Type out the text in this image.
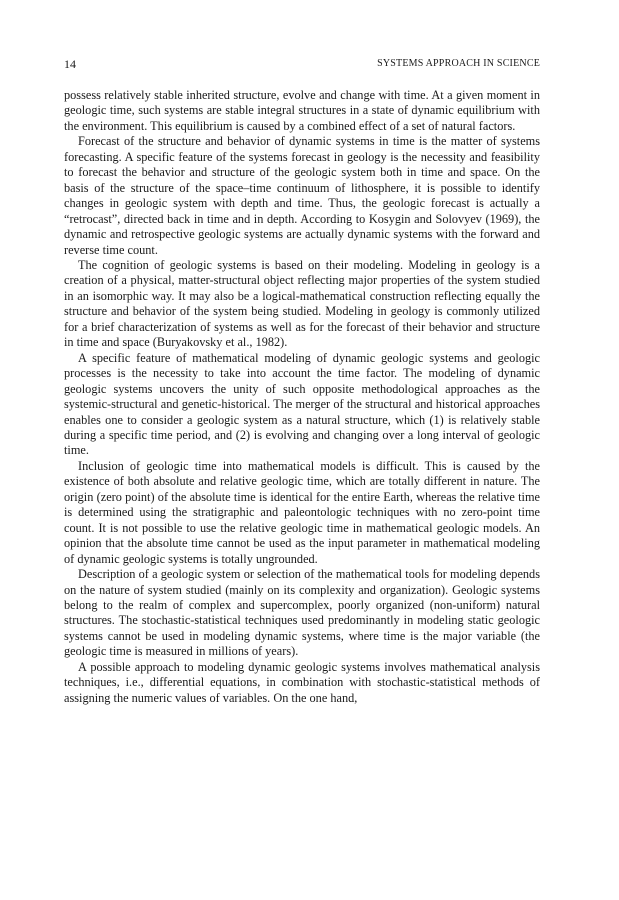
14	SYSTEMS APPROACH IN SCIENCE

possess relatively stable inherited structure, evolve and change with time. At a given moment in geologic time, such systems are stable integral structures in a state of dynamic equilibrium with the environment. This equilibrium is caused by a combined effect of a set of natural factors.

Forecast of the structure and behavior of dynamic systems in time is the matter of systems forecasting. A specific feature of the systems forecast in geology is the necessity and feasibility to forecast the behavior and structure of the geologic system both in time and space. On the basis of the structure of the space–time continuum of lithosphere, it is possible to identify changes in geologic system with depth and time. Thus, the geologic forecast is actually a “retrocast”, directed back in time and in depth. According to Kosygin and Solovyev (1969), the dynamic and retrospective geologic systems are actually dynamic systems with the forward and reverse time count.

The cognition of geologic systems is based on their modeling. Modeling in geology is a creation of a physical, matter-structural object reflecting major properties of the system studied in an isomorphic way. It may also be a logical-mathematical construction reflecting equally the structure and behavior of the system being studied. Modeling in geology is commonly utilized for a brief characterization of systems as well as for the forecast of their behavior and structure in time and space (Buryakovsky et al., 1982).

A specific feature of mathematical modeling of dynamic geologic systems and geologic processes is the necessity to take into account the time factor. The modeling of dynamic geologic systems uncovers the unity of such opposite methodological approaches as the systemic-structural and genetic-historical. The merger of the structural and historical approaches enables one to consider a geologic system as a natural structure, which (1) is relatively stable during a specific time period, and (2) is evolving and changing over a long interval of geologic time.

Inclusion of geologic time into mathematical models is difficult. This is caused by the existence of both absolute and relative geologic time, which are totally different in nature. The origin (zero point) of the absolute time is identical for the entire Earth, whereas the relative time is determined using the stratigraphic and paleontologic techniques with no zero-point time count. It is not possible to use the relative geologic time in mathematical geologic models. An opinion that the absolute time cannot be used as the input parameter in mathematical modeling of dynamic geologic systems is totally ungrounded.

Description of a geologic system or selection of the mathematical tools for modeling depends on the nature of system studied (mainly on its complexity and organization). Geologic systems belong to the realm of complex and supercomplex, poorly organized (non-uniform) natural structures. The stochastic-statistical techniques used predominantly in modeling static geologic systems cannot be used in modeling dynamic systems, where time is the major variable (the geologic time is measured in millions of years).

A possible approach to modeling dynamic geologic systems involves mathematical analysis techniques, i.e., differential equations, in combination with stochastic-statistical methods of assigning the numeric values of variables. On the one hand,
